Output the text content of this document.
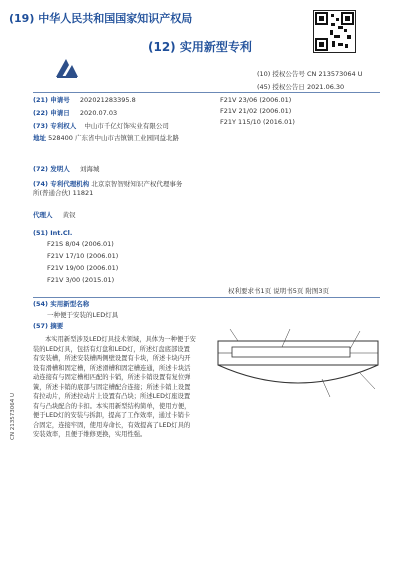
(19) 中华人民共和国国家知识产权局
(12) 实用新型专利
(10) 授权公告号 CN 213573064 U
(45) 授权公告日 2021.06.30
(21) 申请号 202021283395.8
(22) 申请日 2020.07.03
(73) 专利权人 中山市千亿灯饰实业有限公司
地址 528400 广东省中山市古镇镇工业园同益北路
(72) 发明人 刘海城
(74) 专利代理机构 北京京智智财知识产权代理事务所(普通合伙) 11821
代理人 黄钗
(51) Int.Cl.
F21S 8/04 (2006.01)
F21V 17/10 (2006.01)
F21V 19/00 (2006.01)
F21V 3/00 (2015.01)
F21V 23/06 (2006.01)
F21V 21/02 (2006.01)
F21Y 115/10 (2016.01)
权利要求书1页 说明书5页 附图3页
(54) 实用新型名称
一种便于安装的LED灯具
(57) 摘要
本实用新型涉及LED灯具技术领域，具体为一种便于安装的LED灯具，包括有灯盘和LED灯，所述灯盘底部设置有安装槽，所述安装槽两侧壁设置有卡块，所述卡块内开设有滑槽和固定槽，所述滑槽和固定槽连通，所述卡块活动连接有与固定槽相匹配的卡销，所述卡销设置有复位弹簧，所述卡销的底部与固定槽配合连接；所述卡销上设置有拉动片，所述拉动片上设置有凸块；所述LED灯座设置有与凸块配合的卡扣。本实用新型结构简单，使用方便，便于LED灯的安装与拆卸，提高了工作效率，通过卡销卡合固定，连接牢固，使用寿命长，有效提高了LED灯具的安装效率，且便于维修更换，实用性强。
CN 213573064 U
